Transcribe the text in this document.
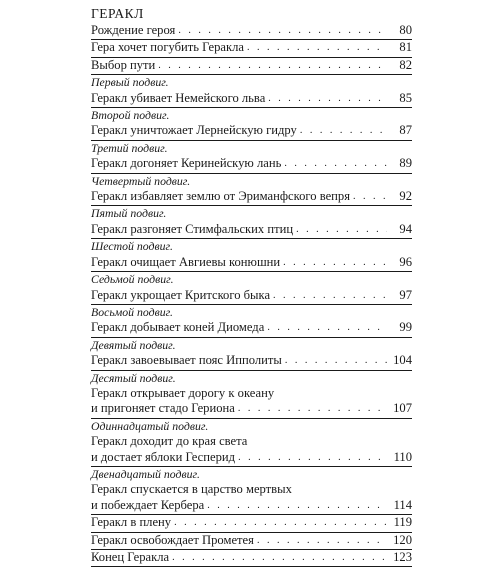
ГЕРАКЛ
Рождение героя . . .	80
Гера хочет погубить Геракла . . .	81
Выбор пути . . .	82
Первый подвиг.
Геракл убивает Немейского льва . . .	85
Второй подвиг.
Геракл уничтожает Лернейскую гидру . . .	87
Третий подвиг.
Геракл догоняет Керинейскую лань . . .	89
Четвертый подвиг.
Геракл избавляет землю от Эриманфского вепря . . .	92
Пятый подвиг.
Геракл разгоняет Стимфальских птиц . . .	94
Шестой подвиг.
Геракл очищает Авгиевы конюшни . . .	96
Седьмой подвиг.
Геракл укрощает Критского быка . . .	97
Восьмой подвиг.
Геракл добывает коней Диомеда . . .	99
Девятый подвиг.
Геракл завоевывает пояс Ипполиты . . .	104
Десятый подвиг.
Геракл открывает дорогу к океану
и пригоняет стадо Гериона . . .	107
Одиннадцатый подвиг.
Геракл доходит до края света
и достает яблоки Гесперид . . .	110
Двенадцатый подвиг.
Геракл спускается в царство мертвых
и побеждает Кербера . . .	114
Геракл в плену . . .	119
Геракл освобождает Прометея . . .	120
Конец Геракла . . .	123
